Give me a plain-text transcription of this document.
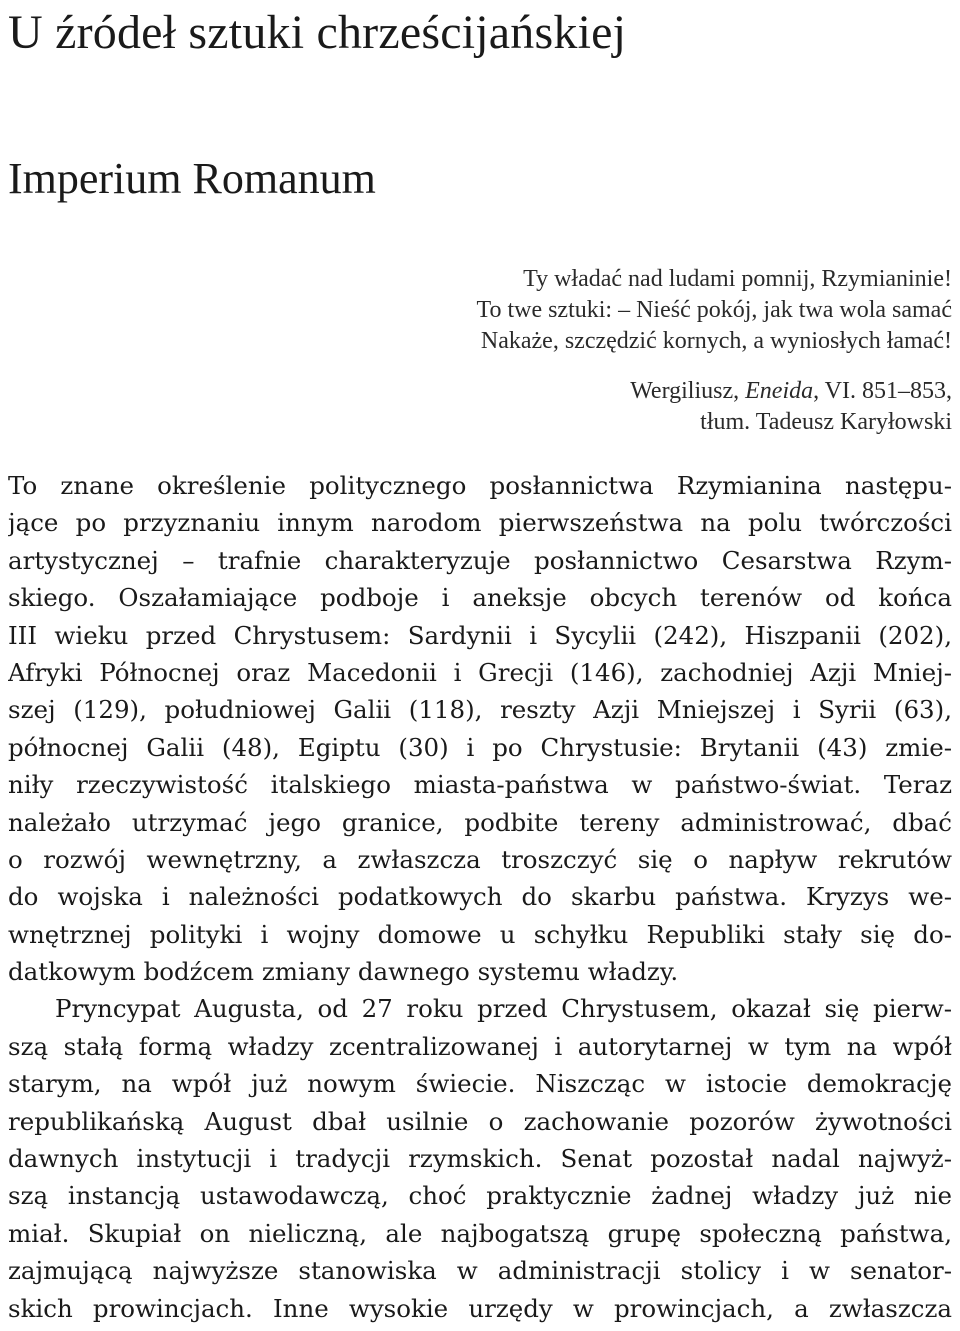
U źródeł sztuki chrześcijańskiej
Imperium Romanum
Ty władać nad ludami pomnij, Rzymianinie!
To twe sztuki: – Nieść pokój, jak twa wola samać
Nakaże, szczędzić kornych, a wyniosłych łamać!
Wergiliusz, Eneida, VI. 851–853,
tłum. Tadeusz Karyłowski
To znane określenie politycznego posłannictwa Rzymianina następu-
jące po przyznaniu innym narodom pierwszeństwa na polu twórczości
artystycznej – trafnie charakteryzuje posłannictwo Cesarstwa Rzym-
skiego. Oszałamiające podboje i aneksje obcych terenów od końca
III wieku przed Chrystusem: Sardynii i Sycylii (242), Hiszpanii (202),
Afryki Północnej oraz Macedonii i Grecji (146), zachodniej Azji Mniej-
szej (129), południowej Galii (118), reszty Azji Mniejszej i Syrii (63),
północnej Galii (48), Egiptu (30) i po Chrystusie: Brytanii (43) zmie-
niły rzeczywistość italskiego miasta-państwa w państwo-świat. Teraz
należało utrzymać jego granice, podbite tereny administrować, dbać
o rozwój wewnętrzny, a zwłaszcza troszczyć się o napływ rekrutów
do wojska i należności podatkowych do skarbu państwa. Kryzys we-
wnętrznej polityki i wojny domowe u schyłku Republiki stały się do-
datkowym bodźcem zmiany dawnego systemu władzy.
Pryncypat Augusta, od 27 roku przed Chrystusem, okazał się pierw-
szą stałą formą władzy zcentralizowanej i autorytarnej w tym na wpół
starym, na wpół już nowym świecie. Niszcząc w istocie demokrację
republikańską August dbał usilnie o zachowanie pozorów żywotności
dawnych instytucji i tradycji rzymskich. Senat pozostał nadal najwyż-
szą instancją ustawodawczą, choć praktycznie żadnej władzy już nie
miał. Skupiał on nieliczną, ale najbogatszą grupę społeczną państwa,
zajmującą najwyższe stanowiska w administracji stolicy i w senator-
skich prowincjach. Inne wysokie urzędy w prowincjach, a zwłaszcza
